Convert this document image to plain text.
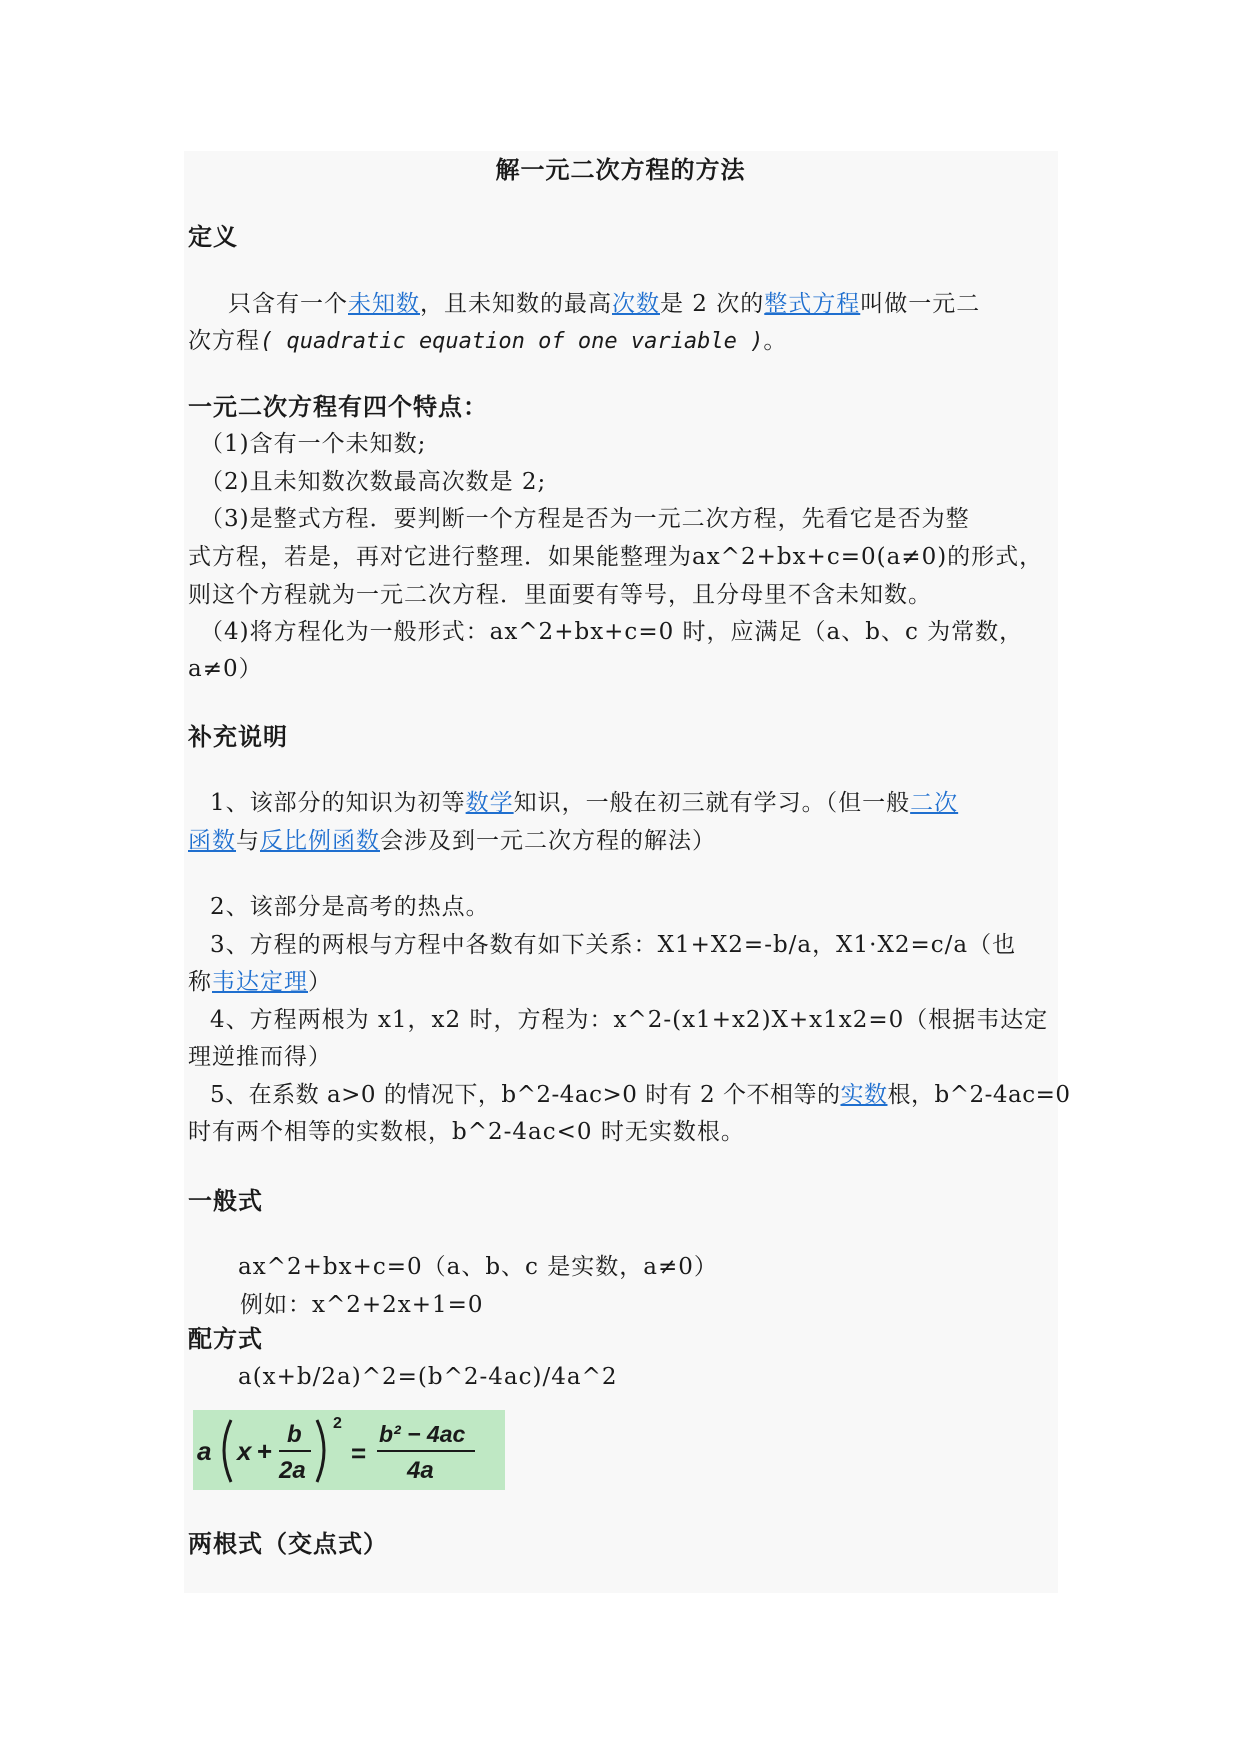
解一元二次方程的方法
定义
只含有一个未知数，且未知数的最高次数是 2 次的整式方程叫做一元二
次方程( quadratic equation of one variable )。
一元二次方程有四个特点：
（1)含有一个未知数;
（2)且未知数次数最高次数是 2;
（3)是整式方程．要判断一个方程是否为一元二次方程，先看它是否为整
式方程，若是，再对它进行整理．如果能整理为ax^2+bx+c=0(a≠0)的形式，
则这个方程就为一元二次方程．里面要有等号，且分母里不含未知数。
（4)将方程化为一般形式：ax^2+bx+c=0 时，应满足（a、b、c 为常数，
a≠0）
补充说明
1、该部分的知识为初等数学知识，一般在初三就有学习。（但一般二次
函数与反比例函数会涉及到一元二次方程的解法）
2、该部分是高考的热点。
3、方程的两根与方程中各数有如下关系：X1+X2=-b/a，X1·X2=c/a（也
称韦达定理）
4、方程两根为 x1，x2 时，方程为：x^2-(x1+x2)X+x1x2=0（根据韦达定
理逆推而得）
5、在系数 a>0 的情况下，b^2-4ac>0 时有 2 个不相等的实数根，b^2-4ac=0
时有两个相等的实数根，b^2-4ac<0 时无实数根。
一般式
ax^2+bx+c=0（a、b、c 是实数，a≠0）
例如：x^2+2x+1=0
配方式
a(x+b/2a)^2=(b^2-4ac)/4a^2
a x +
b
2a
2
=
b² − 4ac
4a
两根式（交点式）
